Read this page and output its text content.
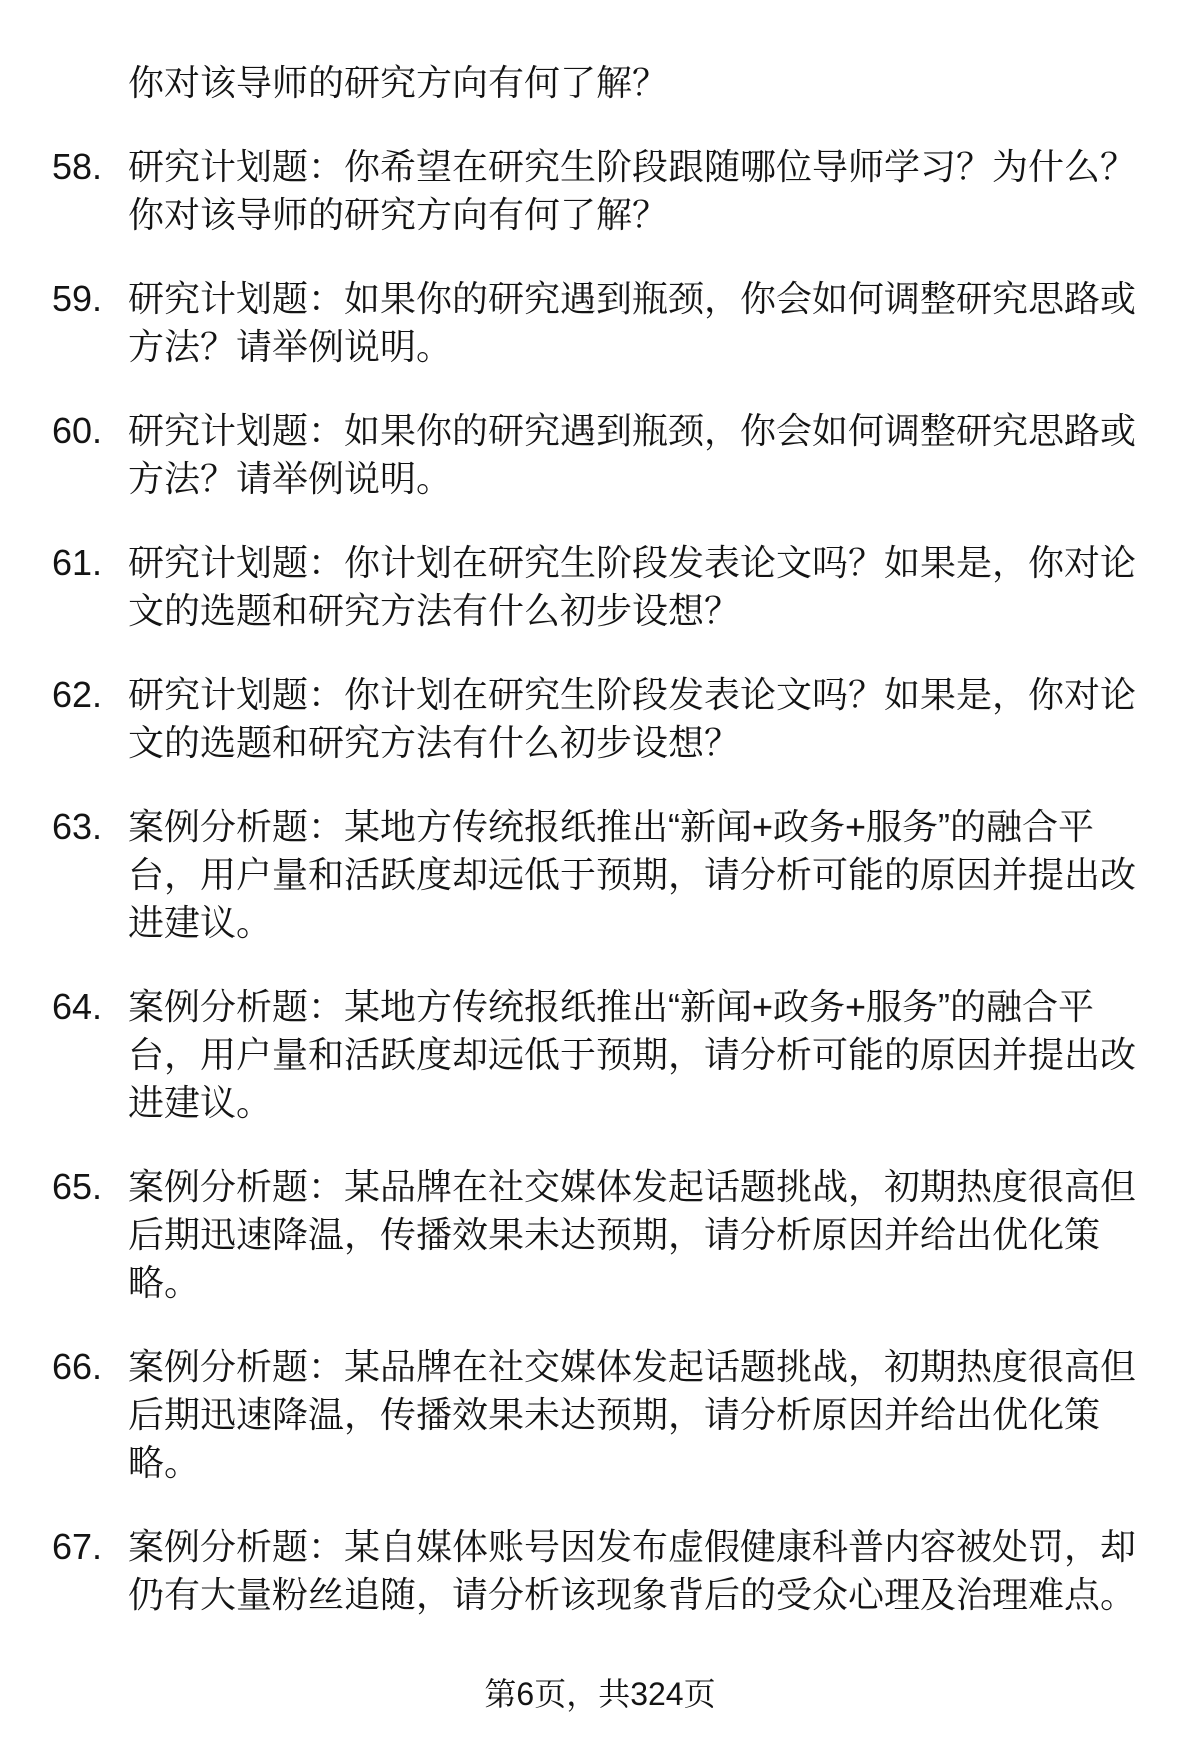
你对该导师的研究方向有何了解？
58. 研究计划题：你希望在研究生阶段跟随哪位导师学习？为什么？
你对该导师的研究方向有何了解？
59. 研究计划题：如果你的研究遇到瓶颈，你会如何调整研究思路或
方法？请举例说明。
60. 研究计划题：如果你的研究遇到瓶颈，你会如何调整研究思路或
方法？请举例说明。
61. 研究计划题：你计划在研究生阶段发表论文吗？如果是，你对论
文的选题和研究方法有什么初步设想？
62. 研究计划题：你计划在研究生阶段发表论文吗？如果是，你对论
文的选题和研究方法有什么初步设想？
63. 案例分析题：某地方传统报纸推出“新闻+政务+服务”的融合平
台，用户量和活跃度却远低于预期，请分析可能的原因并提出改
进建议。
64. 案例分析题：某地方传统报纸推出“新闻+政务+服务”的融合平
台，用户量和活跃度却远低于预期，请分析可能的原因并提出改
进建议。
65. 案例分析题：某品牌在社交媒体发起话题挑战，初期热度很高但
后期迅速降温，传播效果未达预期，请分析原因并给出优化策
略。
66. 案例分析题：某品牌在社交媒体发起话题挑战，初期热度很高但
后期迅速降温，传播效果未达预期，请分析原因并给出优化策
略。
67. 案例分析题：某自媒体账号因发布虚假健康科普内容被处罚，却
仍有大量粉丝追随，请分析该现象背后的受众心理及治理难点。
第6页，共324页
